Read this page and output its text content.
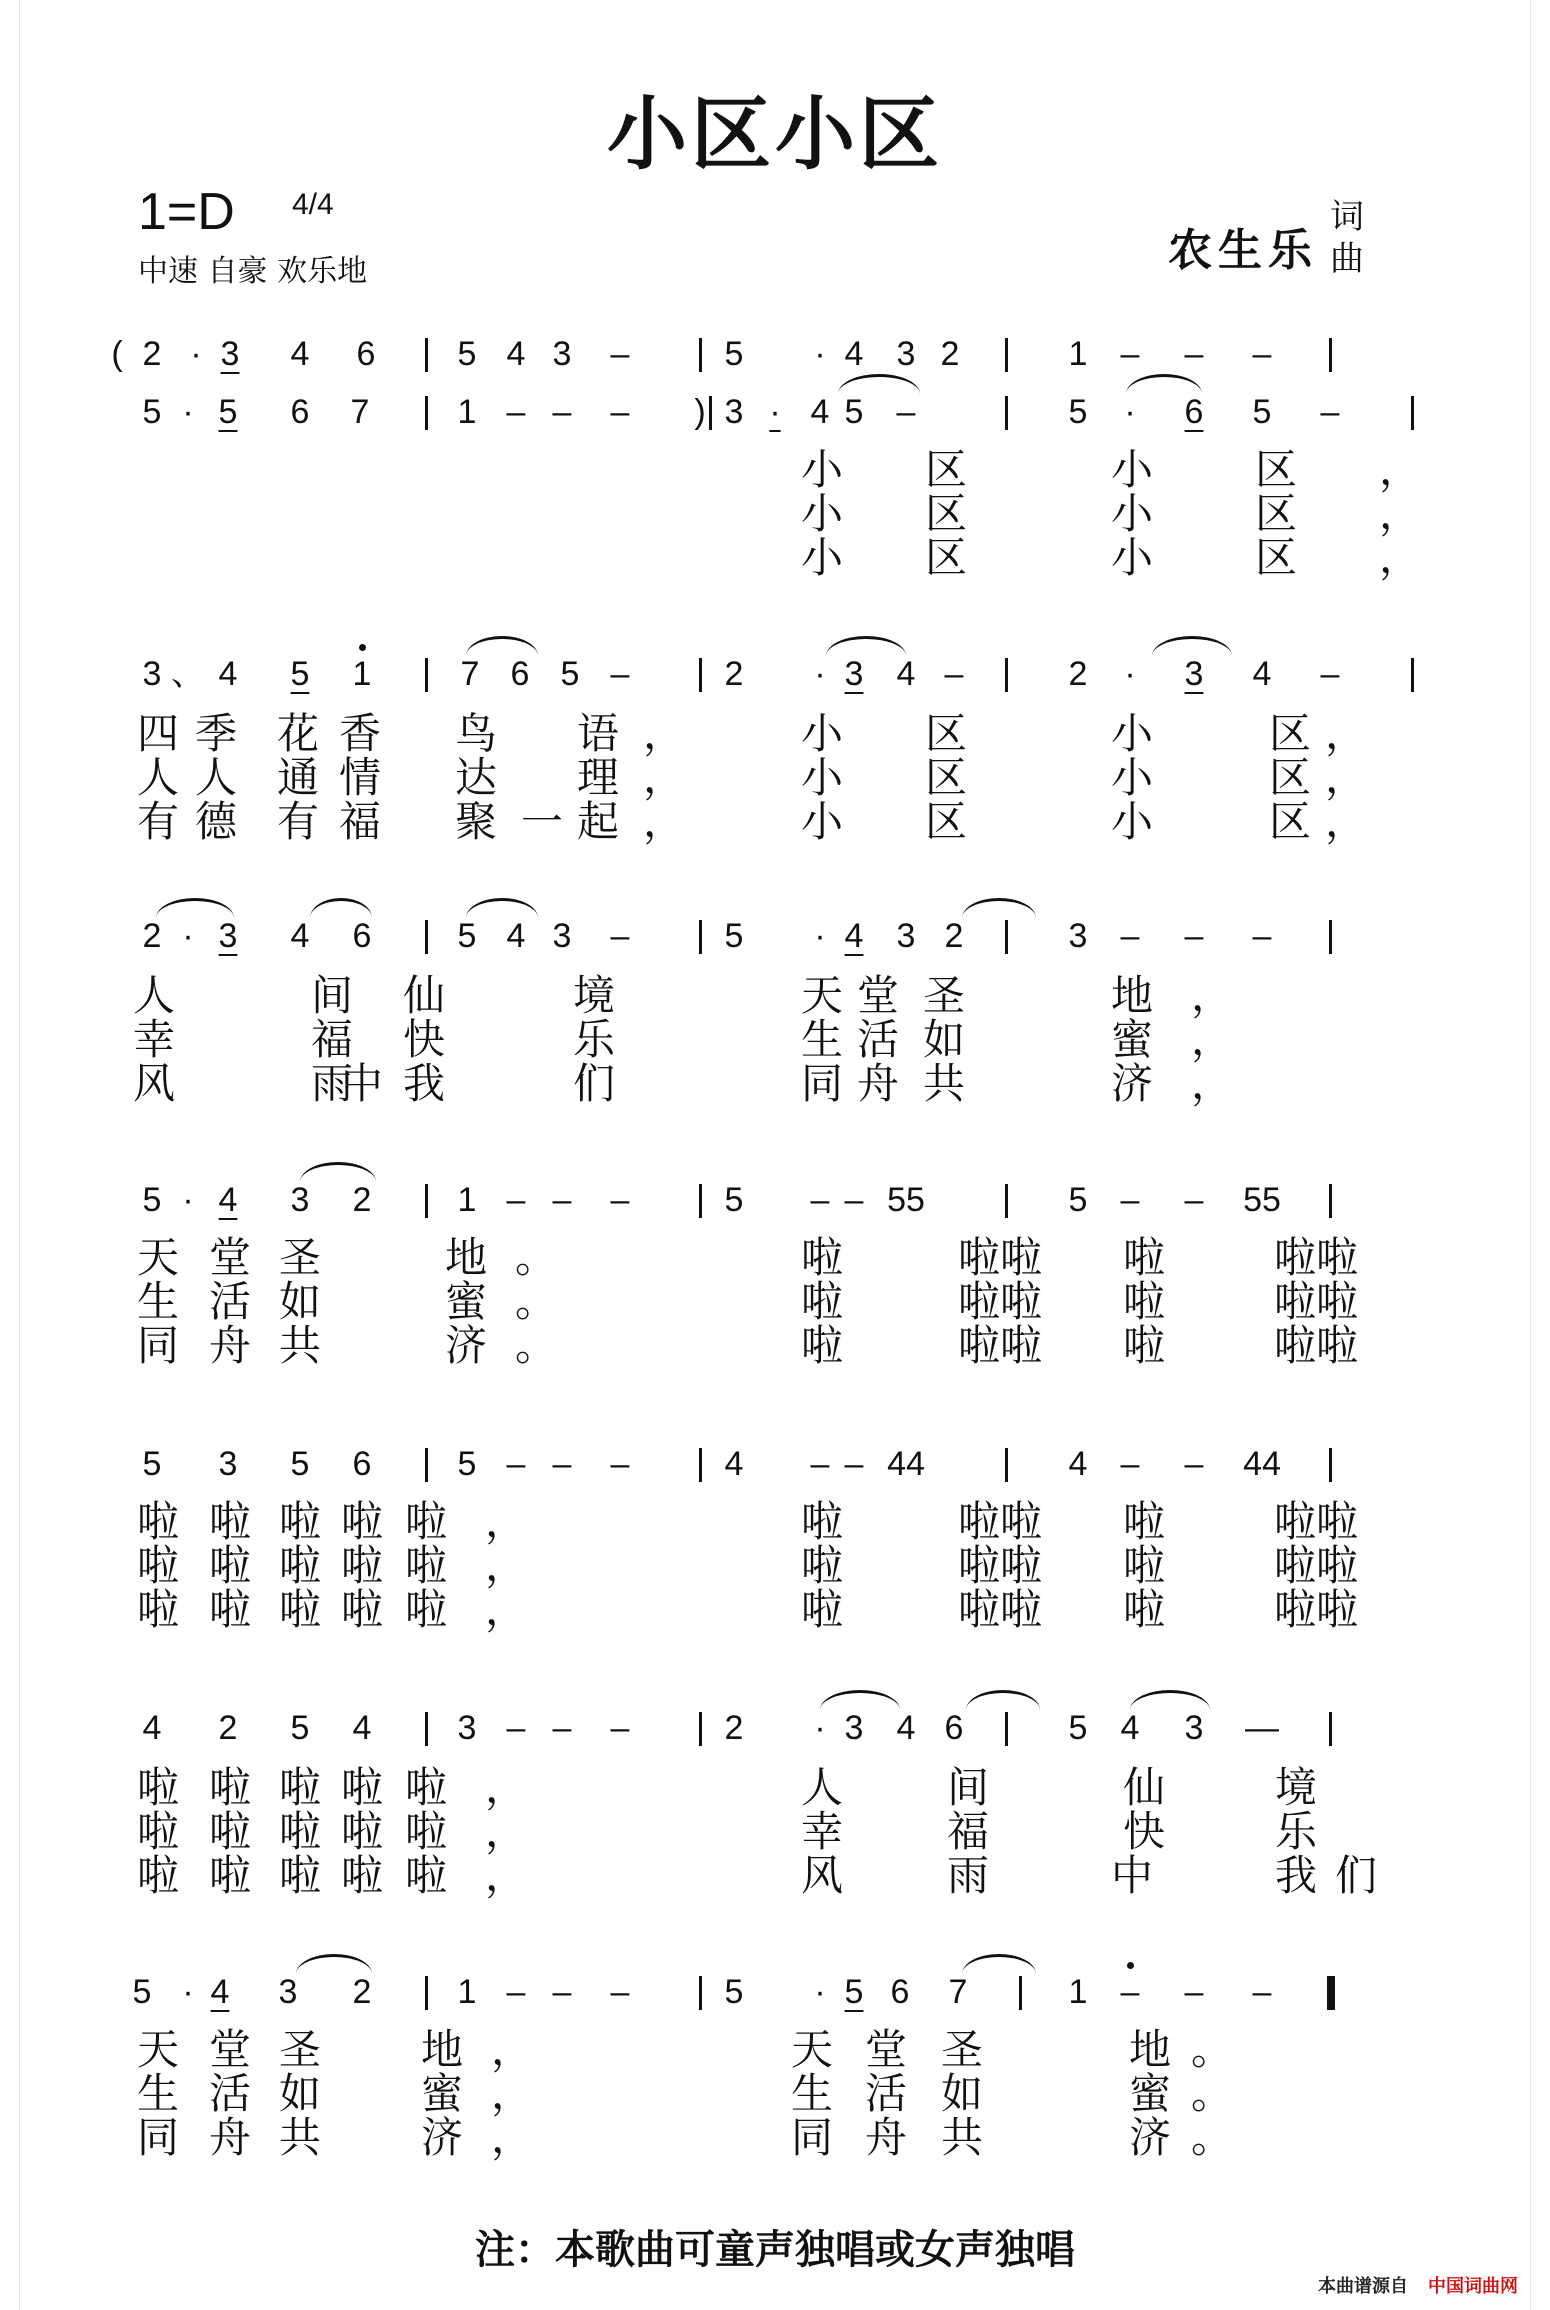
小区小区
1=D 4/4
中速 自豪 欢乐地	农生乐
词
曲
( 2 · 3	4	6	5 4 3	–	5	· 4 3 2	1 –	–	–
5 · 5	6	7	1 – –	–	) 3 · 4 5 –	5	·	6	5	–
小 区	小 区 ，
小 区	小 区 ，
小 区	小 区 ，
3 、 4	5	1	7 6 5 –	2	· 3 4 –	2	·	3	4	–
四 季 花 香 鸟 语 ，	小 区	小	区 ，
人 人 通 情 达 理 ，	小 区	小	区 ，
有 德 有 福 聚 一 起 ，	小 区	小	区 ，
2 · 3	4	6	5 4 3	–	5	· 4 3 2	3 –	–	–
人	间 仙	境	天 堂 圣	地 ，
幸	福 快	乐	生 活 如	蜜 ，
风	雨
中 我	们	同 舟 共	济 ，
5 · 4	3	2	1 – –	–	5	– – 55	5 –	–	55
天 堂 圣	地 。	啦	啦啦 啦	啦啦
生 活 如	蜜 。	啦	啦啦 啦	啦啦
同 舟 共	济 。	啦	啦啦 啦	啦啦
5	3	5	6	5 – –	–	4	– – 44	4 –	–	44
啦 啦 啦 啦 啦 ，	啦	啦啦 啦	啦啦
啦 啦 啦 啦 啦 ，	啦	啦啦 啦	啦啦
啦 啦 啦 啦 啦 ，	啦	啦啦 啦	啦啦
4	2	5	4	3 – –	–	2	· 3 4 6	5 4	3	—
啦 啦 啦 啦 啦 ，	人 间	仙	境
啦 啦 啦 啦 啦 ，	幸 福	快	乐
啦 啦 啦 啦 啦 ，	风 雨	中	我 们
5 · 4	3	2	1 – –	–	5	· 5 6	7	1 –	–	–
天 堂 圣 地 ，	天 堂 圣	地 。
生 活 如 蜜 ，	生 活 如	蜜 。
同 舟 共 济 ，	同 舟 共	济 。
注：本歌曲可童声独唱或女声独唱
本曲谱源自 中国词曲网
